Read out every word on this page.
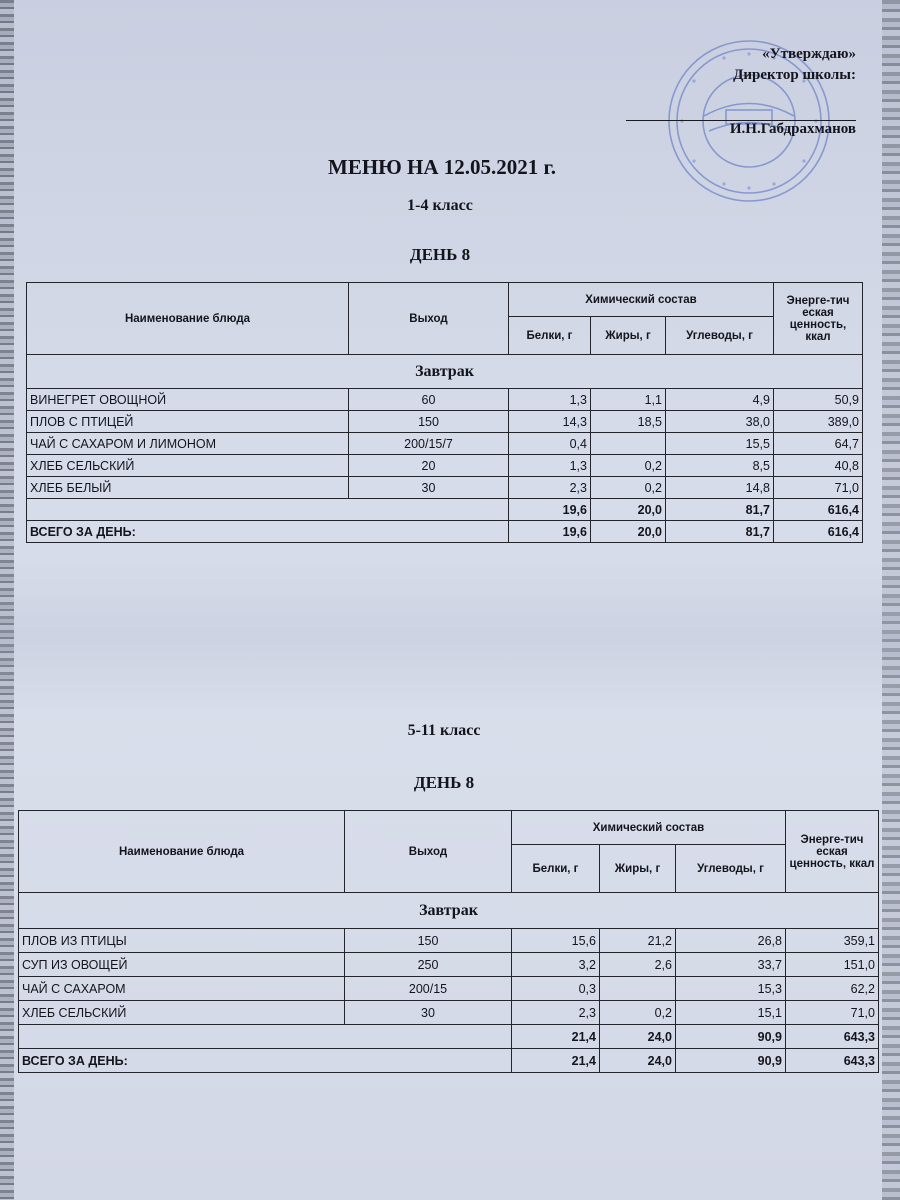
«Утверждаю»
Директор школы:
И.Н.Габдрахманов
МЕНЮ НА 12.05.2021 г.
1-4 класс
ДЕНЬ 8
Наименование блюда	Выход	Химический состав			Энерге-тич еская ценность, ккал
		Белки, г	Жиры, г	Углеводы, г	
Завтрак					
ВИНЕГРЕТ ОВОЩНОЙ	60	1,3	1,1	4,9	50,9
ПЛОВ С ПТИЦЕЙ	150	14,3	18,5	38,0	389,0
ЧАЙ С САХАРОМ И ЛИМОНОМ	200/15/7	0,4		15,5	64,7
ХЛЕБ СЕЛЬСКИЙ	20	1,3	0,2	8,5	40,8
ХЛЕБ БЕЛЫЙ	30	2,3	0,2	14,8	71,0
		19,6	20,0	81,7	616,4
ВСЕГО ЗА ДЕНЬ:		19,6	20,0	81,7	616,4
5-11 класс
ДЕНЬ 8
Наименование блюда	Выход	Химический состав			Энерге-тич еская ценность, ккал
		Белки, г	Жиры, г	Углеводы, г	
Завтрак					
ПЛОВ ИЗ ПТИЦЫ	150	15,6	21,2	26,8	359,1
СУП ИЗ ОВОЩЕЙ	250	3,2	2,6	33,7	151,0
ЧАЙ С САХАРОМ	200/15	0,3		15,3	62,2
ХЛЕБ СЕЛЬСКИЙ	30	2,3	0,2	15,1	71,0
		21,4	24,0	90,9	643,3
ВСЕГО ЗА ДЕНЬ:		21,4	24,0	90,9	643,3
